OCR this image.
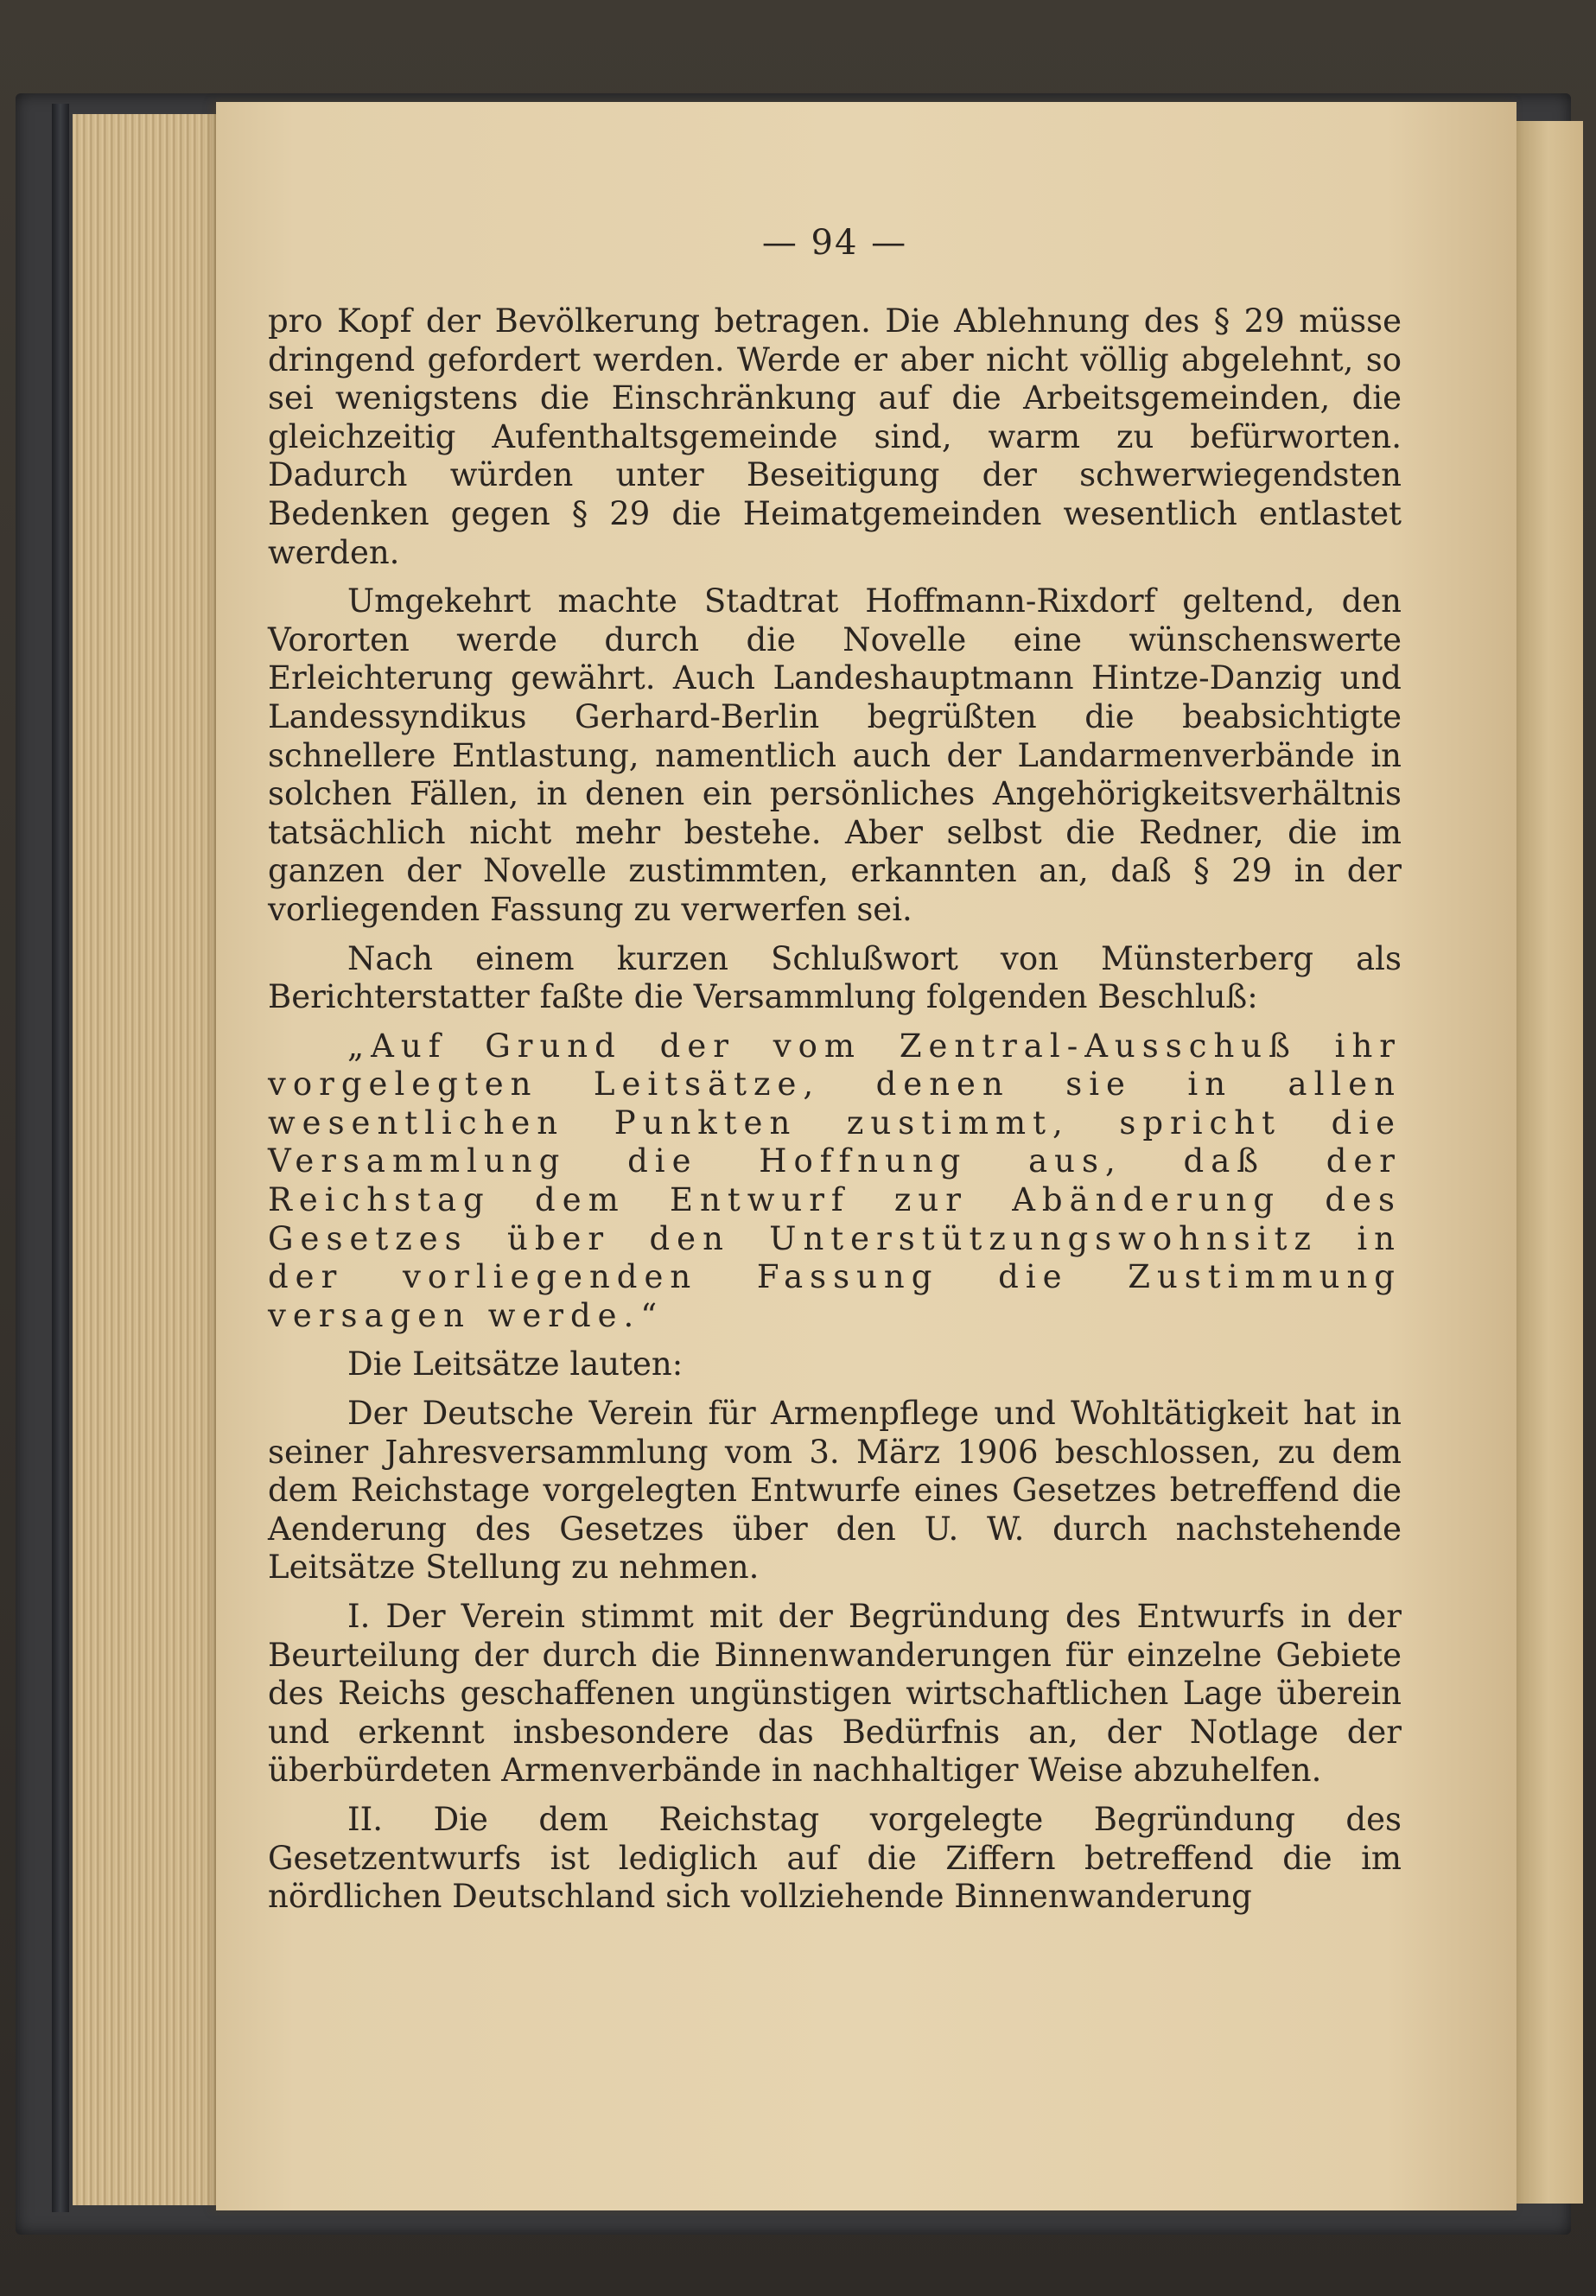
— 94 —

pro Kopf der Bevölkerung betragen. Die Ablehnung des § 29 müsse dringend gefordert werden. Werde er aber nicht völlig abgelehnt, so sei wenigstens die Einschränkung auf die Arbeitsgemeinden, die gleichzeitig Aufenthaltsgemeinde sind, warm zu befürworten. Dadurch würden unter Beseitigung der schwerwiegendsten Bedenken gegen § 29 die Heimatgemeinden wesentlich entlastet werden.

Umgekehrt machte Stadtrat Hoffmann-Rixdorf geltend, den Vororten werde durch die Novelle eine wünschenswerte Erleichterung gewährt. Auch Landeshauptmann Hintze-Danzig und Landessyndikus Gerhard-Berlin begrüßten die beabsichtigte schnellere Entlastung, namentlich auch der Landarmenverbände in solchen Fällen, in denen ein persönliches Angehörigkeitsverhältnis tatsächlich nicht mehr bestehe. Aber selbst die Redner, die im ganzen der Novelle zustimmten, erkannten an, daß § 29 in der vorliegenden Fassung zu verwerfen sei.

Nach einem kurzen Schlußwort von Münsterberg als Berichterstatter faßte die Versammlung folgenden Beschluß:

„Auf Grund der vom Zentral-Ausschuß ihr vorgelegten Leitsätze, denen sie in allen wesentlichen Punkten zustimmt, spricht die Versammlung die Hoffnung aus, daß der Reichstag dem Entwurf zur Abänderung des Gesetzes über den Unterstützungswohnsitz in der vorliegenden Fassung die Zustimmung versagen werde.“

Die Leitsätze lauten:

Der Deutsche Verein für Armenpflege und Wohltätigkeit hat in seiner Jahresversammlung vom 3. März 1906 beschlossen, zu dem dem Reichstage vorgelegten Entwurfe eines Gesetzes betreffend die Aenderung des Gesetzes über den U. W. durch nachstehende Leitsätze Stellung zu nehmen.

I. Der Verein stimmt mit der Begründung des Entwurfs in der Beurteilung der durch die Binnenwanderungen für einzelne Gebiete des Reichs geschaffenen ungünstigen wirtschaftlichen Lage überein und erkennt insbesondere das Bedürfnis an, der Notlage der überbürdeten Armenverbände in nachhaltiger Weise abzuhelfen.

II. Die dem Reichstag vorgelegte Begründung des Gesetzentwurfs ist lediglich auf die Ziffern betreffend die im nördlichen Deutschland sich vollziehende Binnenwanderung
